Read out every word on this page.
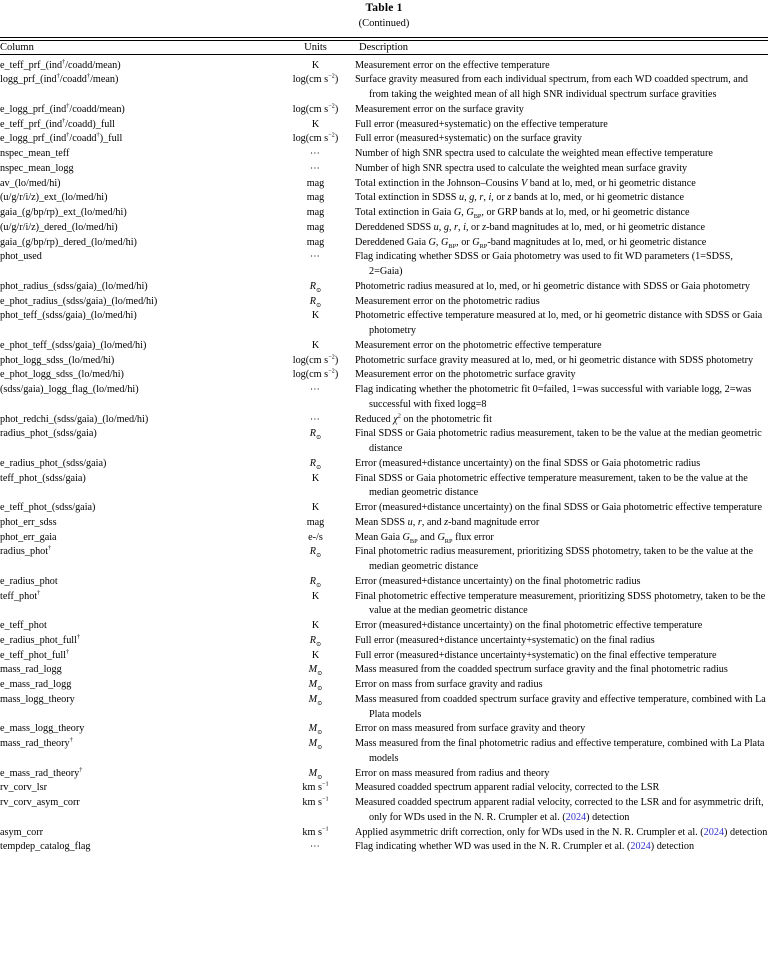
Table 1
(Continued)
Column	Units	Description
e_teff_prf_(ind†/coadd/mean)	K	Measurement error on the effective temperature

logg_prf_(ind†/coadd†/mean)	log(cm $s^{-2}$)	Surface gravity measured from each individual spectrum, from each WD coadded spectrum, and from taking the weighted mean of all high SNR individual spectrum surface gravities

e_logg_prf_(ind†/coadd/mean)	log(cm $s^{-2}$)	Measurement error on the surface gravity

e_teff_prf_(ind†/coadd)_full	K	Full error (measured+systematic) on the effective temperature

e_logg_prf_(ind†/coadd†)_full	log(cm $s^{-2}$)	Full error (measured+systematic) on the surface gravity

nspec_mean_teff	⋯	Number of high SNR spectra used to calculate the weighted mean effective temperature

nspec_mean_logg	⋯	Number of high SNR spectra used to calculate the weighted mean surface gravity

av_(lo/med/hi)	mag	Total extinction in the Johnson–Cousins V band at lo, med, or hi geometric distance

(u/g/r/i/z)_ext_(lo/med/hi)	mag	Total extinction in SDSS u, g, r, i, or z bands at lo, med, or hi geometric distance

gaia_(g/bp/rp)_ext_(lo/med/hi)	mag	Total extinction in Gaia G, $G_{BP}$, or GRP bands at lo, med, or hi geometric distance

(u/g/r/i/z)_dered_(lo/med/hi)	mag	Dereddened SDSS u, g, r, i, or z-band magnitudes at lo, med, or hi geometric distance

gaia_(g/bp/rp)_dered_(lo/med/hi)	mag	Dereddened Gaia G, $G_{BP}$, or $G_{RP}$-band magnitudes at lo, med, or hi geometric distance

phot_used	⋯	Flag indicating whether SDSS or Gaia photometry was used to fit WD parameters (1=SDSS, 2=Gaia)

phot_radius_(sdss/gaia)_(lo/med/hi)	$R_⊙$	Photometric radius measured at lo, med, or hi geometric distance with SDSS or Gaia photometry

e_phot_radius_(sdss/gaia)_(lo/med/hi)	$R_⊙$	Measurement error on the photometric radius

phot_teff_(sdss/gaia)_(lo/med/hi)	K	Photometric effective temperature measured at lo, med, or hi geometric distance with SDSS or Gaia photometry

e_phot_teff_(sdss/gaia)_(lo/med/hi)	K	Measurement error on the photometric effective temperature

phot_logg_sdss_(lo/med/hi)	log(cm $s^{-2}$)	Photometric surface gravity measured at lo, med, or hi geometric distance with SDSS photometry

e_phot_logg_sdss_(lo/med/hi)	log(cm $s^{-2}$)	Measurement error on the photometric surface gravity

(sdss/gaia)_logg_flag_(lo/med/hi)	⋯	Flag indicating whether the photometric fit 0=failed, 1=was successful with variable logg, 2=was successful with fixed logg=8

phot_redchi_(sdss/gaia)_(lo/med/hi)	⋯	Reduced $\chi^2$ on the photometric fit

radius_phot_(sdss/gaia)	$R_⊙$	Final SDSS or Gaia photometric radius measurement, taken to be the value at the median geometric distance

e_radius_phot_(sdss/gaia)	$R_⊙$	Error (measured+distance uncertainty) on the final SDSS or Gaia photometric radius

teff_phot_(sdss/gaia)	K	Final SDSS or Gaia photometric effective temperature measurement, taken to be the value at the median geometric distance

e_teff_phot_(sdss/gaia)	K	Error (measured+distance uncertainty) on the final SDSS or Gaia photometric effective temperature

phot_err_sdss	mag	Mean SDSS u, r, and z-band magnitude error

phot_err_gaia	e-/s	Mean Gaia $G_{BP}$ and $G_{RP}$ flux error

radius_phot†	$R_⊙$	Final photometric radius measurement, prioritizing SDSS photometry, taken to be the value at the median geometric distance

e_radius_phot	$R_⊙$	Error (measured+distance uncertainty) on the final photometric radius

teff_phot†	K	Final photometric effective temperature measurement, prioritizing SDSS photometry, taken to be the value at the median geometric distance

e_teff_phot	K	Error (measured+distance uncertainty) on the final photometric effective temperature

e_radius_phot_full†	$R_⊙$	Full error (measured+distance uncertainty+systematic) on the final radius

e_teff_phot_full†	K	Full error (measured+distance uncertainty+systematic) on the final effective temperature

mass_rad_logg	$M_⊙$	Mass measured from the coadded spectrum surface gravity and the final photometric radius

e_mass_rad_logg	$M_⊙$	Error on mass from surface gravity and radius

mass_logg_theory	$M_⊙$	Mass measured from coadded spectrum surface gravity and effective temperature, combined with La Plata models

e_mass_logg_theory	$M_⊙$	Error on mass measured from surface gravity and theory

mass_rad_theory†	$M_⊙$	Mass measured from the final photometric radius and effective temperature, combined with La Plata models

e_mass_rad_theory†	$M_⊙$	Error on mass measured from radius and theory

rv_corv_lsr	km $s^{-1}$	Measured coadded spectrum apparent radial velocity, corrected to the LSR

rv_corv_asym_corr	km $s^{-1}$	Measured coadded spectrum apparent radial velocity, corrected to the LSR and for asymmetric drift, only for WDs used in the N. R. Crumpler et al. (2024) detection

asym_corr	km $s^{-1}$	Applied asymmetric drift correction, only for WDs used in the N. R. Crumpler et al. (2024) detection

tempdep_catalog_flag	⋯	Flag indicating whether WD was used in the N. R. Crumpler et al. (2024) detection
